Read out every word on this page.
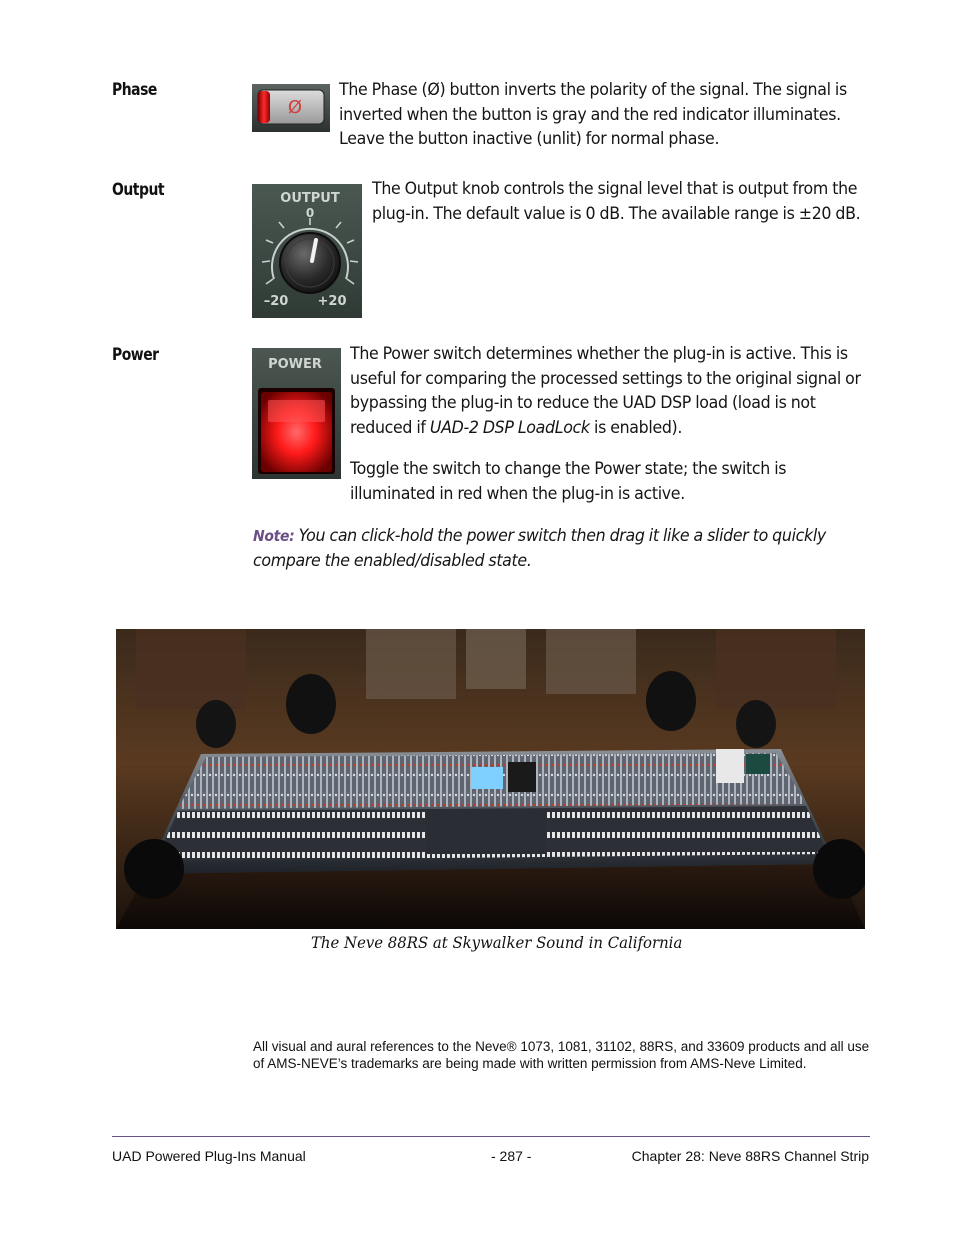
Phase
Ø
The Phase (Ø) button inverts the polarity of the signal. The signal is inverted when the button is gray and the red indicator illuminates. Leave the button inactive (unlit) for normal phase.
Output	OUTPUT
0
–20 +20
The Output knob controls the signal level that is output from the plug-in. The default value is 0 dB. The available range is ±20 dB.
Power	POWER
The Power switch determines whether the plug-in is active. This is useful for comparing the processed settings to the original signal or bypassing the plug-in to reduce the UAD DSP load (load is not reduced if UAD-2 DSP LoadLock is enabled).
Toggle the switch to change the Power state; the switch is illuminated in red when the plug-in is active.
Note: You can click-hold the power switch then drag it like a slider to quickly compare the enabled/disabled state.
The Neve 88RS at Skywalker Sound in California
All visual and aural references to the Neve® 1073, 1081, 31102, 88RS, and 33609 products and all use of AMS-NEVE’s trademarks are being made with written permission from AMS-Neve Limited.
UAD Powered Plug-Ins Manual	- 287 -	Chapter 28: Neve 88RS Channel Strip
